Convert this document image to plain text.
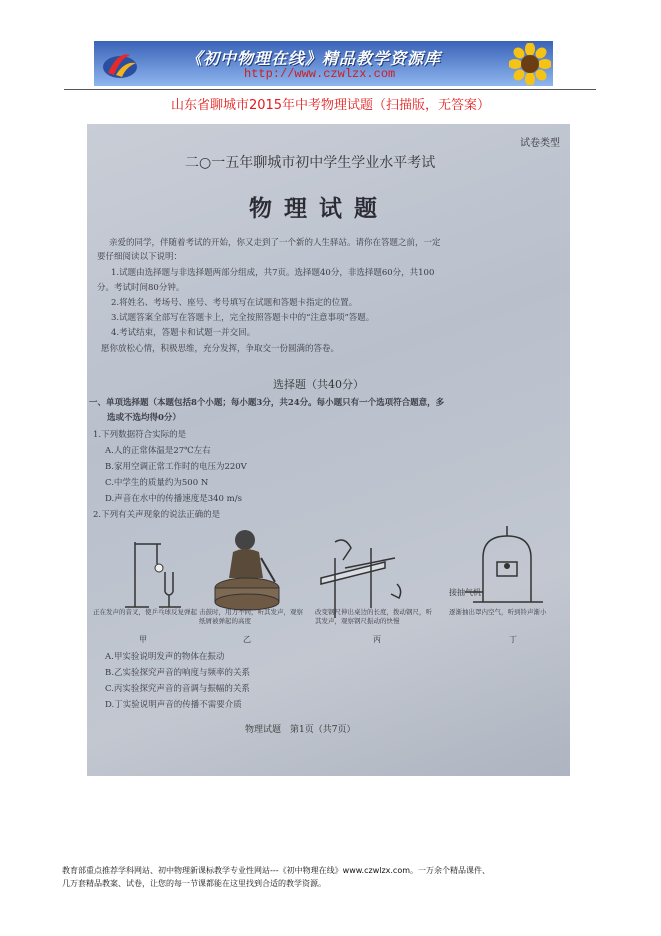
《初中物理在线》精品教学资源库
http://www.czwlzx.com
山东省聊城市2015年中考物理试题（扫描版，无答案）
试卷类型
二○一五年聊城市初中学生学业水平考试
物理试题
亲爱的同学，伴随着考试的开始，你又走到了一个新的人生驿站。请你在答题之前，一定
要仔细阅读以下说明：
1.试题由选择题与非选择题两部分组成，共7页。选择题40分，非选择题60分，共100
分。考试时间80分钟。
2.将姓名、考场号、座号、考号填写在试题和答题卡指定的位置。
3.试题答案全部写在答题卡上，完全按照答题卡中的“注意事项”答题。
4.考试结束，答题卡和试题一并交回。
愿你放松心情，积极思维，充分发挥，争取交一份圆满的答卷。
选择题（共40分）
一、单项选择题（本题包括8个小题；每小题3分，共24分。每小题只有一个选项符合题意，多
选或不选均得0分）
1.下列数据符合实际的是
A.人的正常体温是27℃左右
B.家用空调正常工作时的电压为220V
C.中学生的质量约为500 N
D.声音在水中的传播速度是340 m/s
2.下列有关声现象的说法正确的是
正在发声的音叉，使乒乓球反复弹起
甲
击鼓时，用力不同，听其发声，观察纸屑被弹起的高度
乙
改变钢尺伸出桌边的长度，拨动钢尺，听其发声，观察钢尺振动的快慢
丙
逐渐抽出罩内空气，听到铃声渐小
接抽气机
丁
A.甲实验说明发声的物体在振动
B.乙实验探究声音的响度与频率的关系
C.丙实验探究声音的音调与振幅的关系
D.丁实验说明声音的传播不需要介质
物理试题　第1页（共7页）
教育部重点推荐学科网站、初中物理新课标教学专业性网站---《初中物理在线》www.czwlzx.com。一万余个精品课件、
几万套精品教案、试卷，让您的每一节课都能在这里找到合适的教学资源。
